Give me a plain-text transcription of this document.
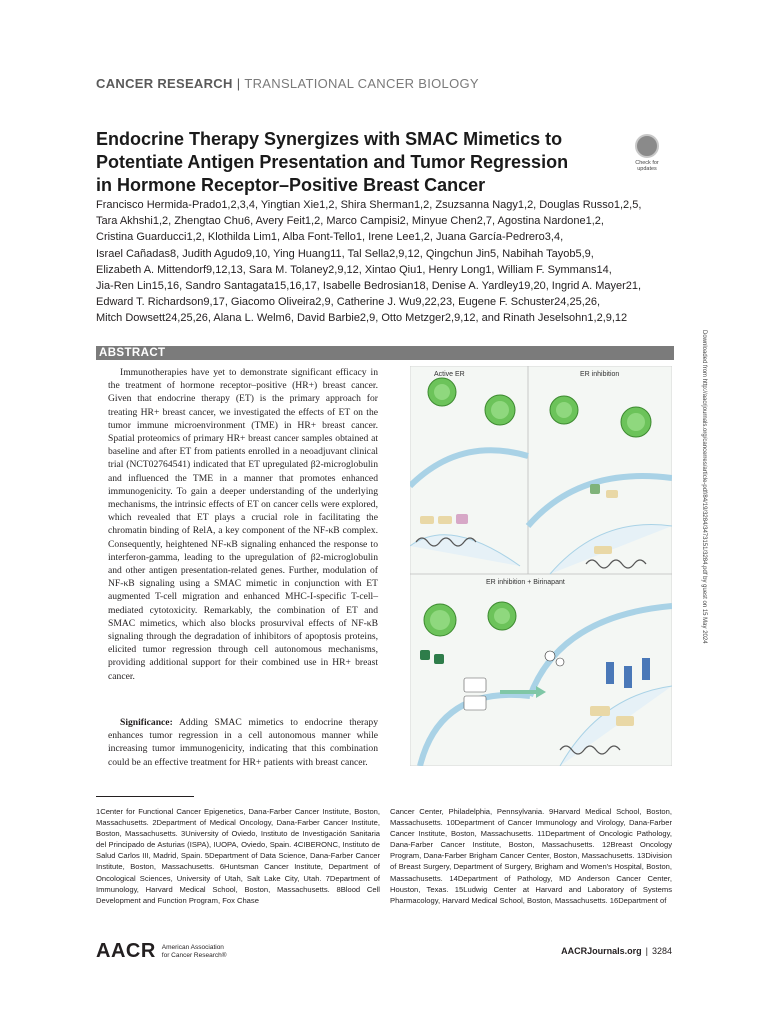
CANCER RESEARCH | TRANSLATIONAL CANCER BIOLOGY
Endocrine Therapy Synergizes with SMAC Mimetics to
Potentiate Antigen Presentation and Tumor Regression
in Hormone Receptor–Positive Breast Cancer
Check for
updates
Francisco Hermida-Prado1,2,3,4, Yingtian Xie1,2, Shira Sherman1,2, Zsuzsanna Nagy1,2, Douglas Russo1,2,5,
Tara Akhshi1,2, Zhengtao Chu6, Avery Feit1,2, Marco Campisi2, Minyue Chen2,7, Agostina Nardone1,2,
Cristina Guarducci1,2, Klothilda Lim1, Alba Font-Tello1, Irene Lee1,2, Juana García-Pedrero3,4,
Israel Cañadas8, Judith Agudo9,10, Ying Huang11, Tal Sella2,9,12, Qingchun Jin5, Nabihah Tayob5,9,
Elizabeth A. Mittendorf9,12,13, Sara M. Tolaney2,9,12, Xintao Qiu1, Henry Long1, William F. Symmans14,
Jia-Ren Lin15,16, Sandro Santagata15,16,17, Isabelle Bedrosian18, Denise A. Yardley19,20, Ingrid A. Mayer21,
Edward T. Richardson9,17, Giacomo Oliveira2,9, Catherine J. Wu9,22,23, Eugene F. Schuster24,25,26,
Mitch Dowsett24,25,26, Alana L. Welm6, David Barbie2,9, Otto Metzger2,9,12, and Rinath Jeselsohn1,2,9,12
Downloaded from http://aacrjournals.org/cancerres/article-pdf/84/19/3284/3473151/3284.pdf by guest on 15 May 2024
ABSTRACT

Immunotherapies have yet to demonstrate significant efficacy in the treatment of hormone receptor–positive (HR+) breast cancer. Given that endocrine therapy (ET) is the primary approach for treating HR+ breast cancer, we investigated the effects of ET on the tumor immune microenvironment (TME) in HR+ breast cancer. Spatial proteomics of primary HR+ breast cancer samples obtained at baseline and after ET from patients enrolled in a neoadjuvant clinical trial (NCT02764541) indicated that ET upregulated β2-microglobulin and influenced the TME in a manner that promotes enhanced immunogenicity. To gain a deeper understanding of the underlying mechanisms, the intrinsic effects of ET on cancer cells were explored, which revealed that ET plays a crucial role in facilitating the chromatin binding of RelA, a key component of the NF-κB complex. Consequently, heightened NF-κB signaling enhanced the response to interferon-gamma, leading to the upregulation of β2-microglobulin and other antigen presentation-related genes. Further, modulation of NF-κB signaling using a SMAC mimetic in conjunction with ET augmented T-cell migration and enhanced MHC-I-specific T-cell–mediated cytotoxicity. Remarkably, the combination of ET and SMAC mimetics, which also blocks prosurvival effects of NF-κB signaling through the degradation of inhibitors of apoptosis proteins, elicited tumor regression through cell autonomous mechanisms, providing additional support for their combined use in HR+ breast cancer.

Significance: Adding SMAC mimetics to endocrine therapy enhances tumor regression in a cell autonomous manner while increasing tumor immunogenicity, indicating that this combination could be an effective treatment for HR+ patients with breast cancer.

Active ER	ER inhibition
ER inhibition + Birinapant
1Center for Functional Cancer Epigenetics, Dana-Farber Cancer Institute, Boston, Massachusetts. 2Department of Medical Oncology, Dana-Farber Cancer Institute, Boston, Massachusetts. 3University of Oviedo, Instituto de Investigación Sanitaria del Principado de Asturias (ISPA), IUOPA, Oviedo, Spain. 4CIBERONC, Instituto de Salud Carlos III, Madrid, Spain. 5Department of Data Science, Dana-Farber Cancer Institute, Boston, Massachusetts. 6Huntsman Cancer Institute, Department of Oncological Sciences, University of Utah, Salt Lake City, Utah. 7Department of Immunology, Harvard Medical School, Boston, Massachusetts. 8Blood Cell Development and Function Program, Fox Chase
Cancer Center, Philadelphia, Pennsylvania. 9Harvard Medical School, Boston, Massachusetts. 10Department of Cancer Immunology and Virology, Dana-Farber Cancer Institute, Boston, Massachusetts. 11Department of Oncologic Pathology, Dana-Farber Cancer Institute, Boston, Massachusetts. 12Breast Oncology Program, Dana-Farber Brigham Cancer Center, Boston, Massachusetts. 13Division of Breast Surgery, Department of Surgery, Brigham and Women's Hospital, Boston, Massachusetts. 14Department of Pathology, MD Anderson Cancer Center, Houston, Texas. 15Ludwig Center at Harvard and Laboratory of Systems Pharmacology, Harvard Medical School, Boston, Massachusetts. 16Department of
AACR American Association
for Cancer Research®	AACRJournals.org | 3284
